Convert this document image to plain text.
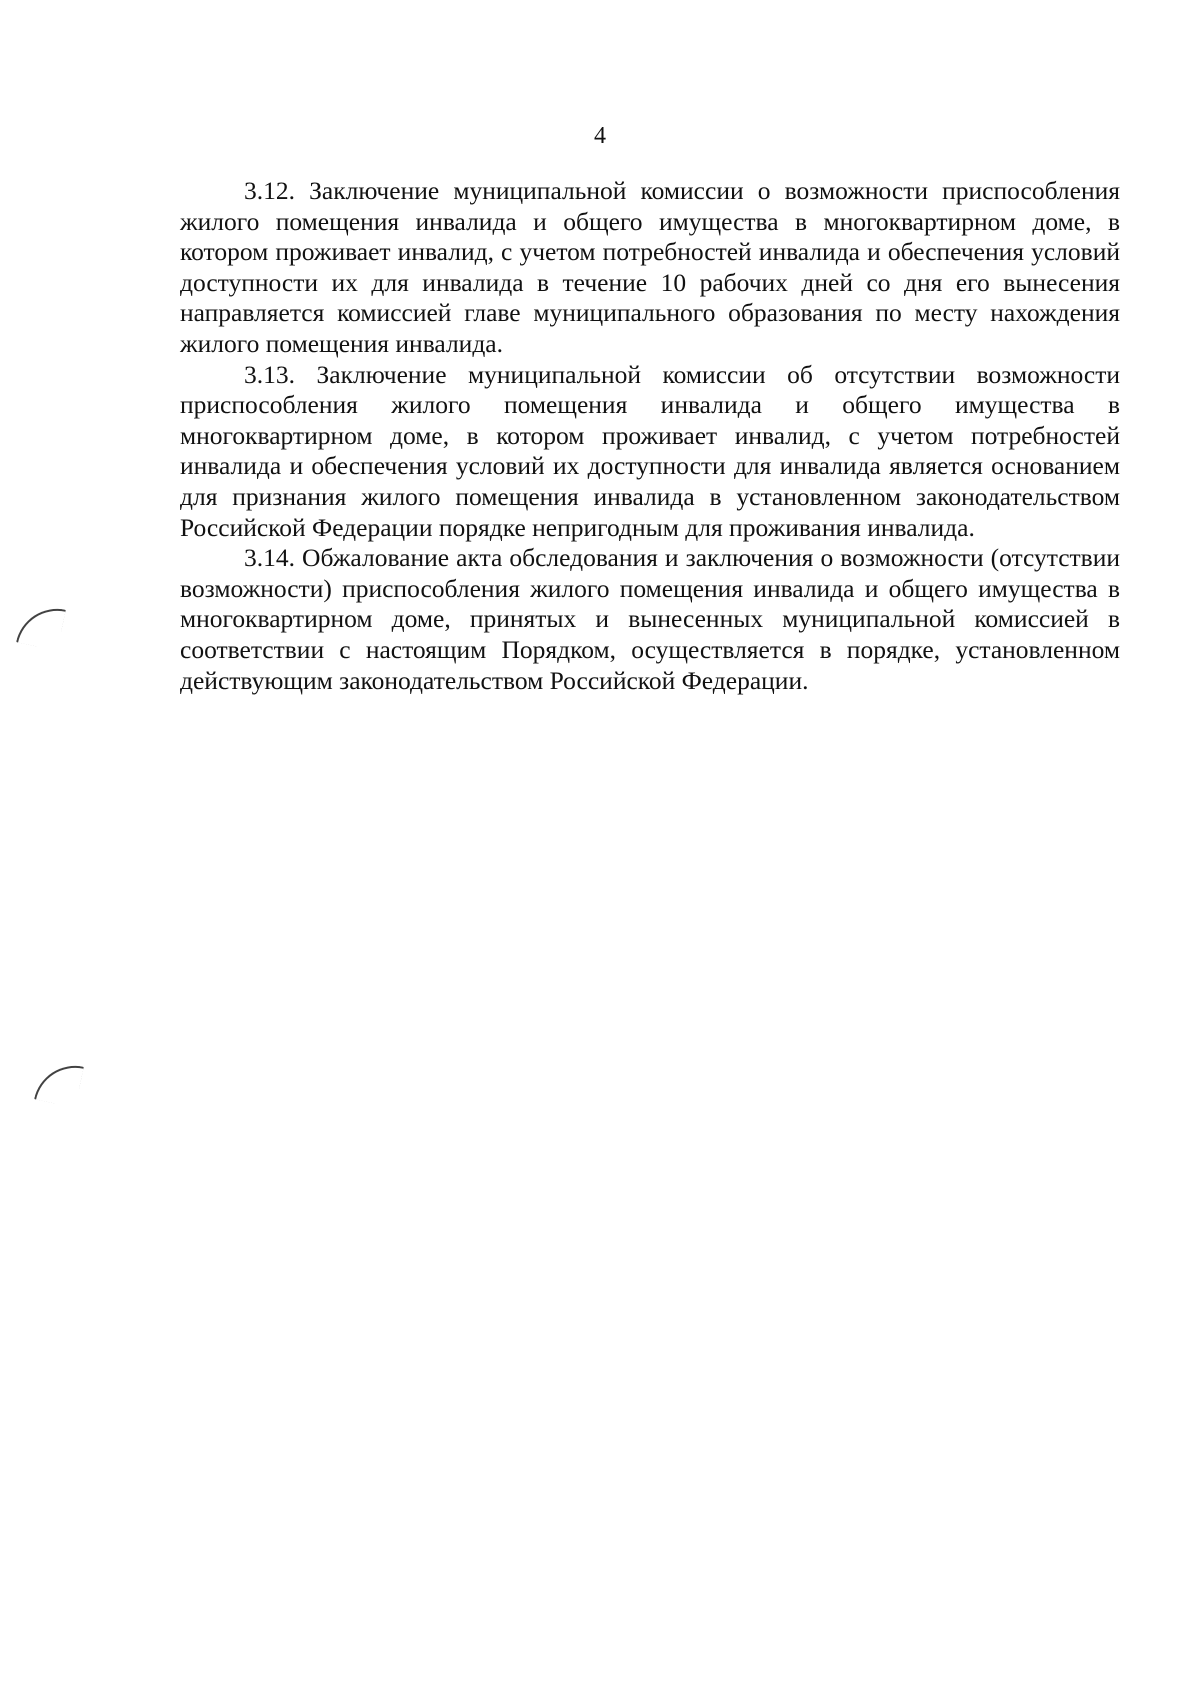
4

3.12. Заключение муниципальной комиссии о возможности приспособления жилого помещения инвалида и общего имущества в многоквартирном доме, в котором проживает инвалид, с учетом потребностей инвалида и обеспечения условий доступности их для инвалида в течение 10 рабочих дней со дня его вынесения направляется комиссией главе муниципального образования по месту нахождения жилого помещения инвалида.

3.13. Заключение муниципальной комиссии об отсутствии возможности приспособления жилого помещения инвалида и общего имущества в многоквартирном доме, в котором проживает инвалид, с учетом потребностей инвалида и обеспечения условий их доступности для инвалида является основанием для признания жилого помещения инвалида в установленном законодательством Российской Федерации порядке непригодным для проживания инвалида.

3.14. Обжалование акта обследования и заключения о возможности (отсутствии возможности) приспособления жилого помещения инвалида и общего имущества в многоквартирном доме, принятых и вынесенных муниципальной комиссией в соответствии с настоящим Порядком, осуществляется в порядке, установленном действующим законодательством Российской Федерации.
